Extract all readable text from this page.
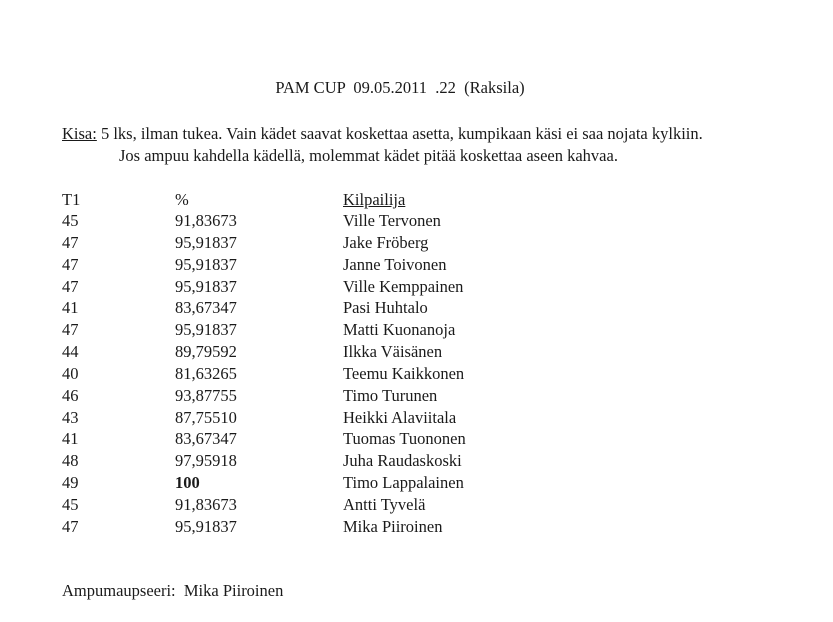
PAM CUP  09.05.2011  .22  (Raksila)
Kisa: 5 lks, ilman tukea. Vain kädet saavat koskettaa asetta, kumpikaan käsi ei saa nojata kylkiin.
Jos ampuu kahdella kädellä, molemmat kädet pitää koskettaa aseen kahvaa.
T1	%	Kilpailija
45	91,83673	Ville Tervonen
47	95,91837	Jake Fröberg
47	95,91837	Janne Toivonen
47	95,91837	Ville Kemppainen
41	83,67347	Pasi Huhtalo
47	95,91837	Matti Kuonanoja
44	89,79592	Ilkka Väisänen
40	81,63265	Teemu Kaikkonen
46	93,87755	Timo Turunen
43	87,75510	Heikki Alaviitala
41	83,67347	Tuomas Tuononen
48	97,95918	Juha Raudaskoski
49	100	Timo Lappalainen
45	91,83673	Antti Tyvelä
47	95,91837	Mika Piiroinen
Ampumaupseeri:  Mika Piiroinen
